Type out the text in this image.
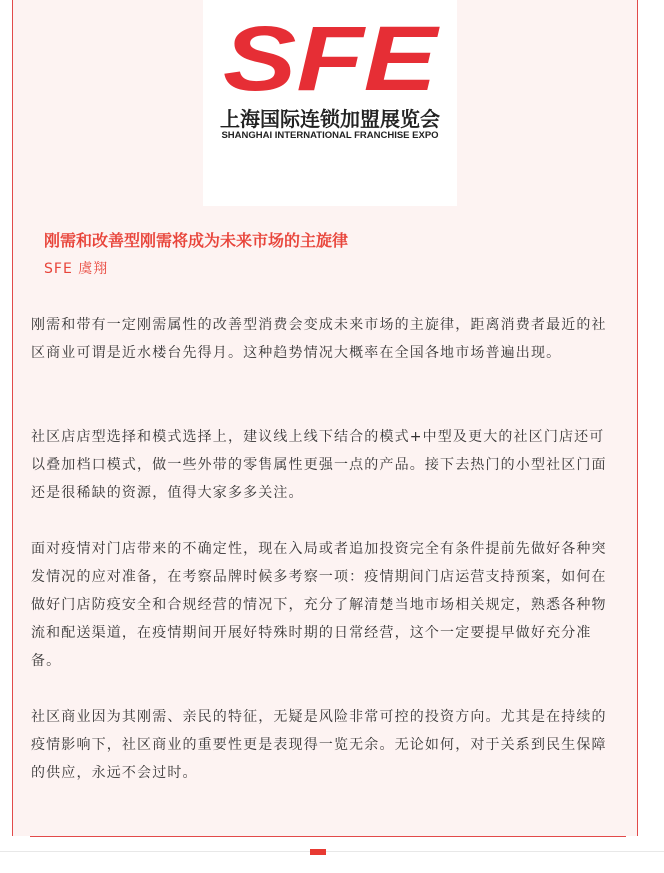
SFE
上海国际连锁加盟展览会
SHANGHAI INTERNATIONAL FRANCHISE EXPO
刚需和改善型刚需将成为未来市场的主旋律
SFE 虞翔

刚需和带有一定刚需属性的改善型消费会变成未来市场的主旋律，距离消费者最近的社区商业可谓是近水楼台先得月。这种趋势情况大概率在全国各地市场普遍出现。

社区店店型选择和模式选择上，建议线上线下结合的模式+中型及更大的社区门店还可以叠加档口模式，做一些外带的零售属性更强一点的产品。接下去热门的小型社区门面还是很稀缺的资源，值得大家多多关注。

面对疫情对门店带来的不确定性，现在入局或者追加投资完全有条件提前先做好各种突发情况的应对准备，在考察品牌时候多考察一项：疫情期间门店运营支持预案，如何在做好门店防疫安全和合规经营的情况下，充分了解清楚当地市场相关规定，熟悉各种物流和配送渠道，在疫情期间开展好特殊时期的日常经营，这个一定要提早做好充分准备。

社区商业因为其刚需、亲民的特征，无疑是风险非常可控的投资方向。尤其是在持续的疫情影响下，社区商业的重要性更是表现得一览无余。无论如何，对于关系到民生保障的供应，永远不会过时。
